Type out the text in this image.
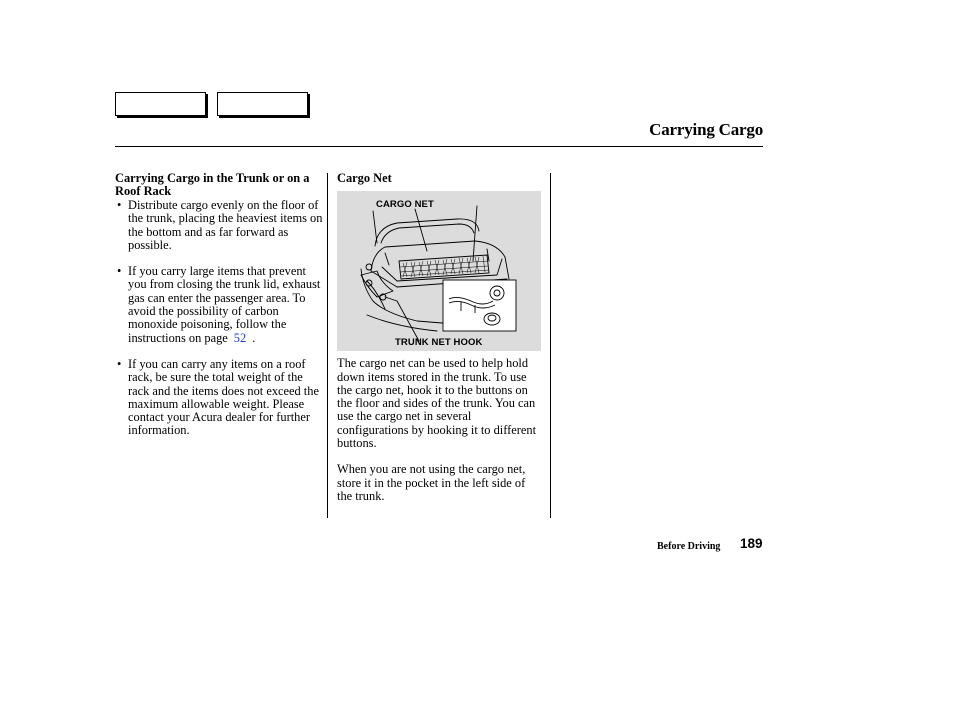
Carrying Cargo
Carrying Cargo in the Trunk or on a Roof Rack

• Distribute cargo evenly on the floor of the trunk, placing the heaviest items on the bottom and as far forward as possible.

• If you carry large items that prevent you from closing the trunk lid, exhaust gas can enter the passenger area. To avoid the possibility of carbon monoxide poisoning, follow the instructions on page 52 .

• If you can carry any items on a roof rack, be sure the total weight of the rack and the items does not exceed the maximum allowable weight. Please contact your Acura dealer for further information.

Cargo Net
CARGO NET
TRUNK NET HOOK

The cargo net can be used to help hold down items stored in the trunk. To use the cargo net, hook it to the buttons on the floor and sides of the trunk. You can use the cargo net in several configurations by hooking it to different buttons.

When you are not using the cargo net, store it in the pocket in the left side of the trunk.

Before Driving 189
